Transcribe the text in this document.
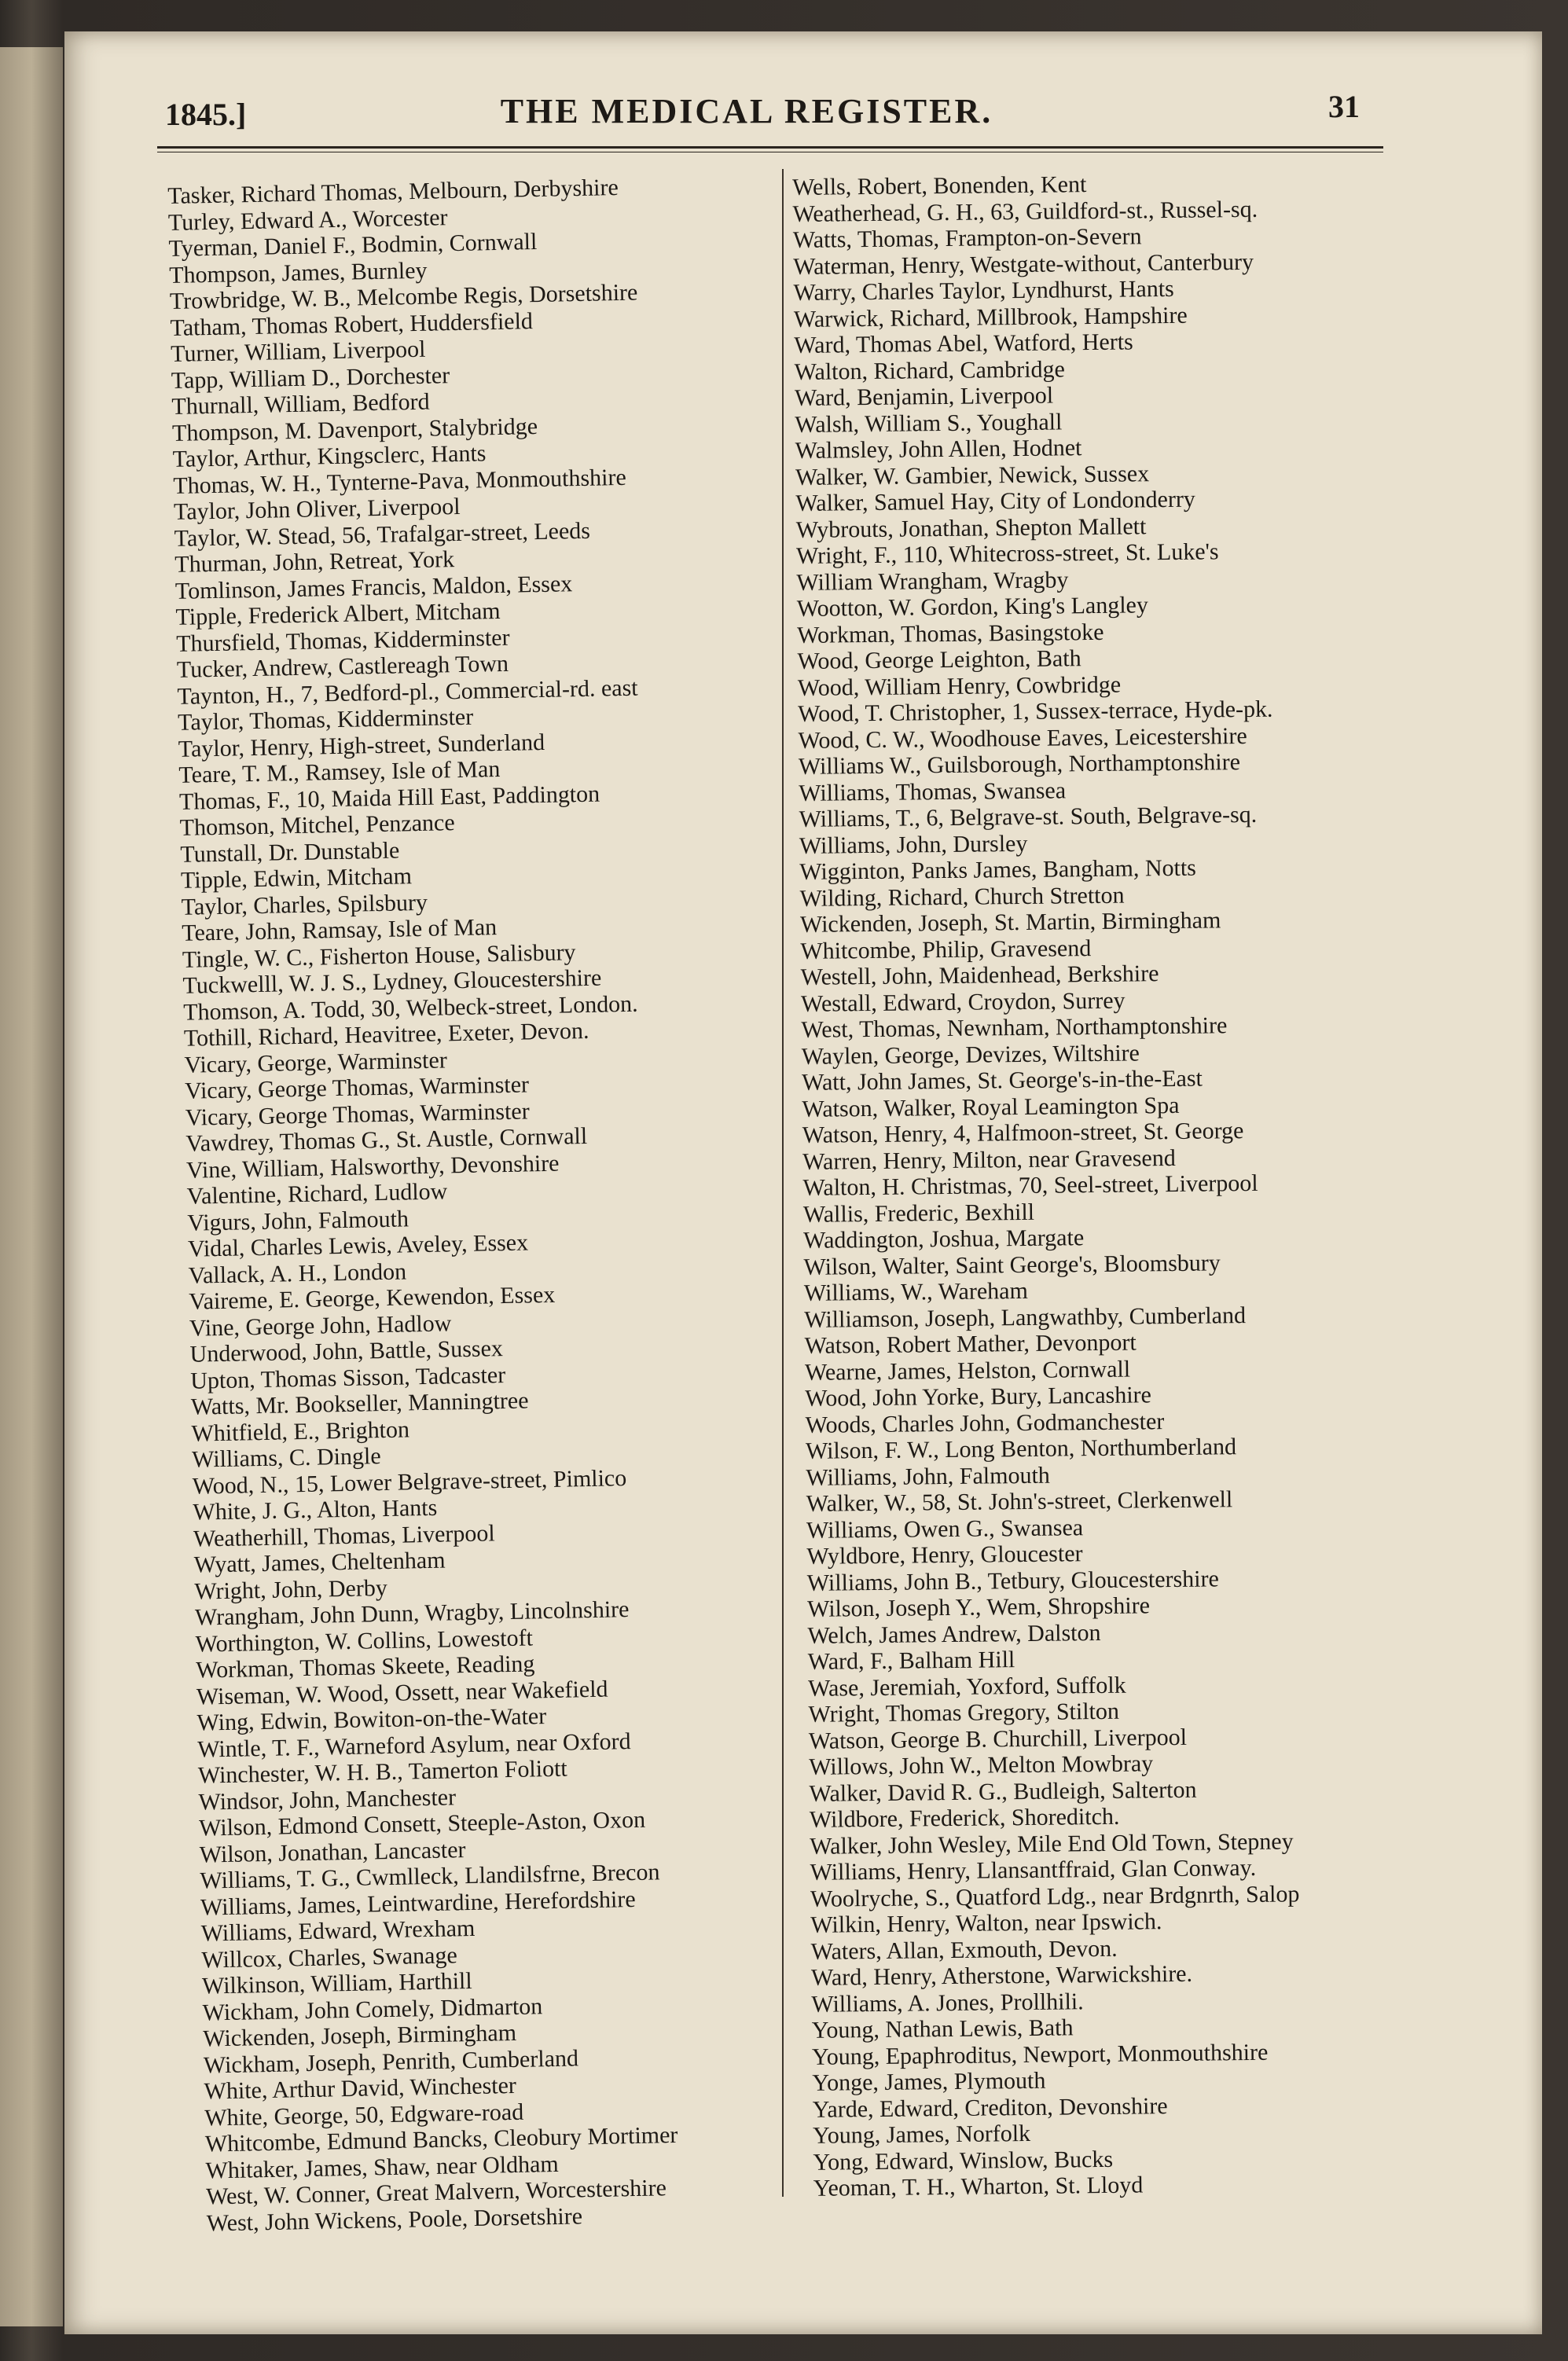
1845.]	THE MEDICAL REGISTER.	31
Tasker, Richard Thomas, Melbourn, Derbyshire
Turley, Edward A., Worcester
Tyerman, Daniel F., Bodmin, Cornwall
Thompson, James, Burnley
Trowbridge, W. B., Melcombe Regis, Dorsetshire
Tatham, Thomas Robert, Huddersfield
Turner, William, Liverpool
Tapp, William D., Dorchester
Thurnall, William, Bedford
Thompson, M. Davenport, Stalybridge
Taylor, Arthur, Kingsclerc, Hants
Thomas, W. H., Tynterne-Pava, Monmouthshire
Taylor, John Oliver, Liverpool
Taylor, W. Stead, 56, Trafalgar-street, Leeds
Thurman, John, Retreat, York
Tomlinson, James Francis, Maldon, Essex
Tipple, Frederick Albert, Mitcham
Thursfield, Thomas, Kidderminster
Tucker, Andrew, Castlereagh Town
Taynton, H., 7, Bedford-pl., Commercial-rd. east
Taylor, Thomas, Kidderminster
Taylor, Henry, High-street, Sunderland
Teare, T. M., Ramsey, Isle of Man
Thomas, F., 10, Maida Hill East, Paddington
Thomson, Mitchel, Penzance
Tunstall, Dr. Dunstable
Tipple, Edwin, Mitcham
Taylor, Charles, Spilsbury
Teare, John, Ramsay, Isle of Man
Tingle, W. C., Fisherton House, Salisbury
Tuckwelll, W. J. S., Lydney, Gloucestershire
Thomson, A. Todd, 30, Welbeck-street, London.
Tothill, Richard, Heavitree, Exeter, Devon.
Vicary, George, Warminster
Vicary, George Thomas, Warminster
Vicary, George Thomas, Warminster
Vawdrey, Thomas G., St. Austle, Cornwall
Vine, William, Halsworthy, Devonshire
Valentine, Richard, Ludlow
Vigurs, John, Falmouth
Vidal, Charles Lewis, Aveley, Essex
Vallack, A. H., London
Vaireme, E. George, Kewendon, Essex
Vine, George John, Hadlow
Underwood, John, Battle, Sussex
Upton, Thomas Sisson, Tadcaster
Watts, Mr. Bookseller, Manningtree
Whitfield, E., Brighton
Williams, C. Dingle
Wood, N., 15, Lower Belgrave-street, Pimlico
White, J. G., Alton, Hants
Weatherhill, Thomas, Liverpool
Wyatt, James, Cheltenham
Wright, John, Derby
Wrangham, John Dunn, Wragby, Lincolnshire
Worthington, W. Collins, Lowestoft
Workman, Thomas Skeete, Reading
Wiseman, W. Wood, Ossett, near Wakefield
Wing, Edwin, Bowiton-on-the-Water
Wintle, T. F., Warneford Asylum, near Oxford
Winchester, W. H. B., Tamerton Foliott
Windsor, John, Manchester
Wilson, Edmond Consett, Steeple-Aston, Oxon
Wilson, Jonathan, Lancaster
Williams, T. G., Cwmlleck, Llandilsfrne, Brecon
Williams, James, Leintwardine, Herefordshire
Williams, Edward, Wrexham
Willcox, Charles, Swanage
Wilkinson, William, Harthill
Wickham, John Comely, Didmarton
Wickenden, Joseph, Birmingham
Wickham, Joseph, Penrith, Cumberland
White, Arthur David, Winchester
White, George, 50, Edgware-road
Whitcombe, Edmund Bancks, Cleobury Mortimer
Whitaker, James, Shaw, near Oldham
West, W. Conner, Great Malvern, Worcestershire
West, John Wickens, Poole, Dorsetshire
Wells, Robert, Bonenden, Kent
Weatherhead, G. H., 63, Guildford-st., Russel-sq.
Watts, Thomas, Frampton-on-Severn
Waterman, Henry, Westgate-without, Canterbury
Warry, Charles Taylor, Lyndhurst, Hants
Warwick, Richard, Millbrook, Hampshire
Ward, Thomas Abel, Watford, Herts
Walton, Richard, Cambridge
Ward, Benjamin, Liverpool
Walsh, William S., Youghall
Walmsley, John Allen, Hodnet
Walker, W. Gambier, Newick, Sussex
Walker, Samuel Hay, City of Londonderry
Wybrouts, Jonathan, Shepton Mallett
Wright, F., 110, Whitecross-street, St. Luke's
William Wrangham, Wragby
Wootton, W. Gordon, King's Langley
Workman, Thomas, Basingstoke
Wood, George Leighton, Bath
Wood, William Henry, Cowbridge
Wood, T. Christopher, 1, Sussex-terrace, Hyde-pk.
Wood, C. W., Woodhouse Eaves, Leicestershire
Williams W., Guilsborough, Northamptonshire
Williams, Thomas, Swansea
Williams, T., 6, Belgrave-st. South, Belgrave-sq.
Williams, John, Dursley
Wigginton, Panks James, Bangham, Notts
Wilding, Richard, Church Stretton
Wickenden, Joseph, St. Martin, Birmingham
Whitcombe, Philip, Gravesend
Westell, John, Maidenhead, Berkshire
Westall, Edward, Croydon, Surrey
West, Thomas, Newnham, Northamptonshire
Waylen, George, Devizes, Wiltshire
Watt, John James, St. George's-in-the-East
Watson, Walker, Royal Leamington Spa
Watson, Henry, 4, Halfmoon-street, St. George
Warren, Henry, Milton, near Gravesend
Walton, H. Christmas, 70, Seel-street, Liverpool
Wallis, Frederic, Bexhill
Waddington, Joshua, Margate
Wilson, Walter, Saint George's, Bloomsbury
Williams, W., Wareham
Williamson, Joseph, Langwathby, Cumberland
Watson, Robert Mather, Devonport
Wearne, James, Helston, Cornwall
Wood, John Yorke, Bury, Lancashire
Woods, Charles John, Godmanchester
Wilson, F. W., Long Benton, Northumberland
Williams, John, Falmouth
Walker, W., 58, St. John's-street, Clerkenwell
Williams, Owen G., Swansea
Wyldbore, Henry, Gloucester
Williams, John B., Tetbury, Gloucestershire
Wilson, Joseph Y., Wem, Shropshire
Welch, James Andrew, Dalston
Ward, F., Balham Hill
Wase, Jeremiah, Yoxford, Suffolk
Wright, Thomas Gregory, Stilton
Watson, George B. Churchill, Liverpool
Willows, John W., Melton Mowbray
Walker, David R. G., Budleigh, Salterton
Wildbore, Frederick, Shoreditch.
Walker, John Wesley, Mile End Old Town, Stepney
Williams, Henry, Llansantffraid, Glan Conway.
Woolryche, S., Quatford Ldg., near Brdgnrth, Salop
Wilkin, Henry, Walton, near Ipswich.
Waters, Allan, Exmouth, Devon.
Ward, Henry, Atherstone, Warwickshire.
Williams, A. Jones, Prollhili.
Young, Nathan Lewis, Bath
Young, Epaphroditus, Newport, Monmouthshire
Yonge, James, Plymouth
Yarde, Edward, Crediton, Devonshire
Young, James, Norfolk
Yong, Edward, Winslow, Bucks
Yeoman, T. H., Wharton, St. Lloyd
